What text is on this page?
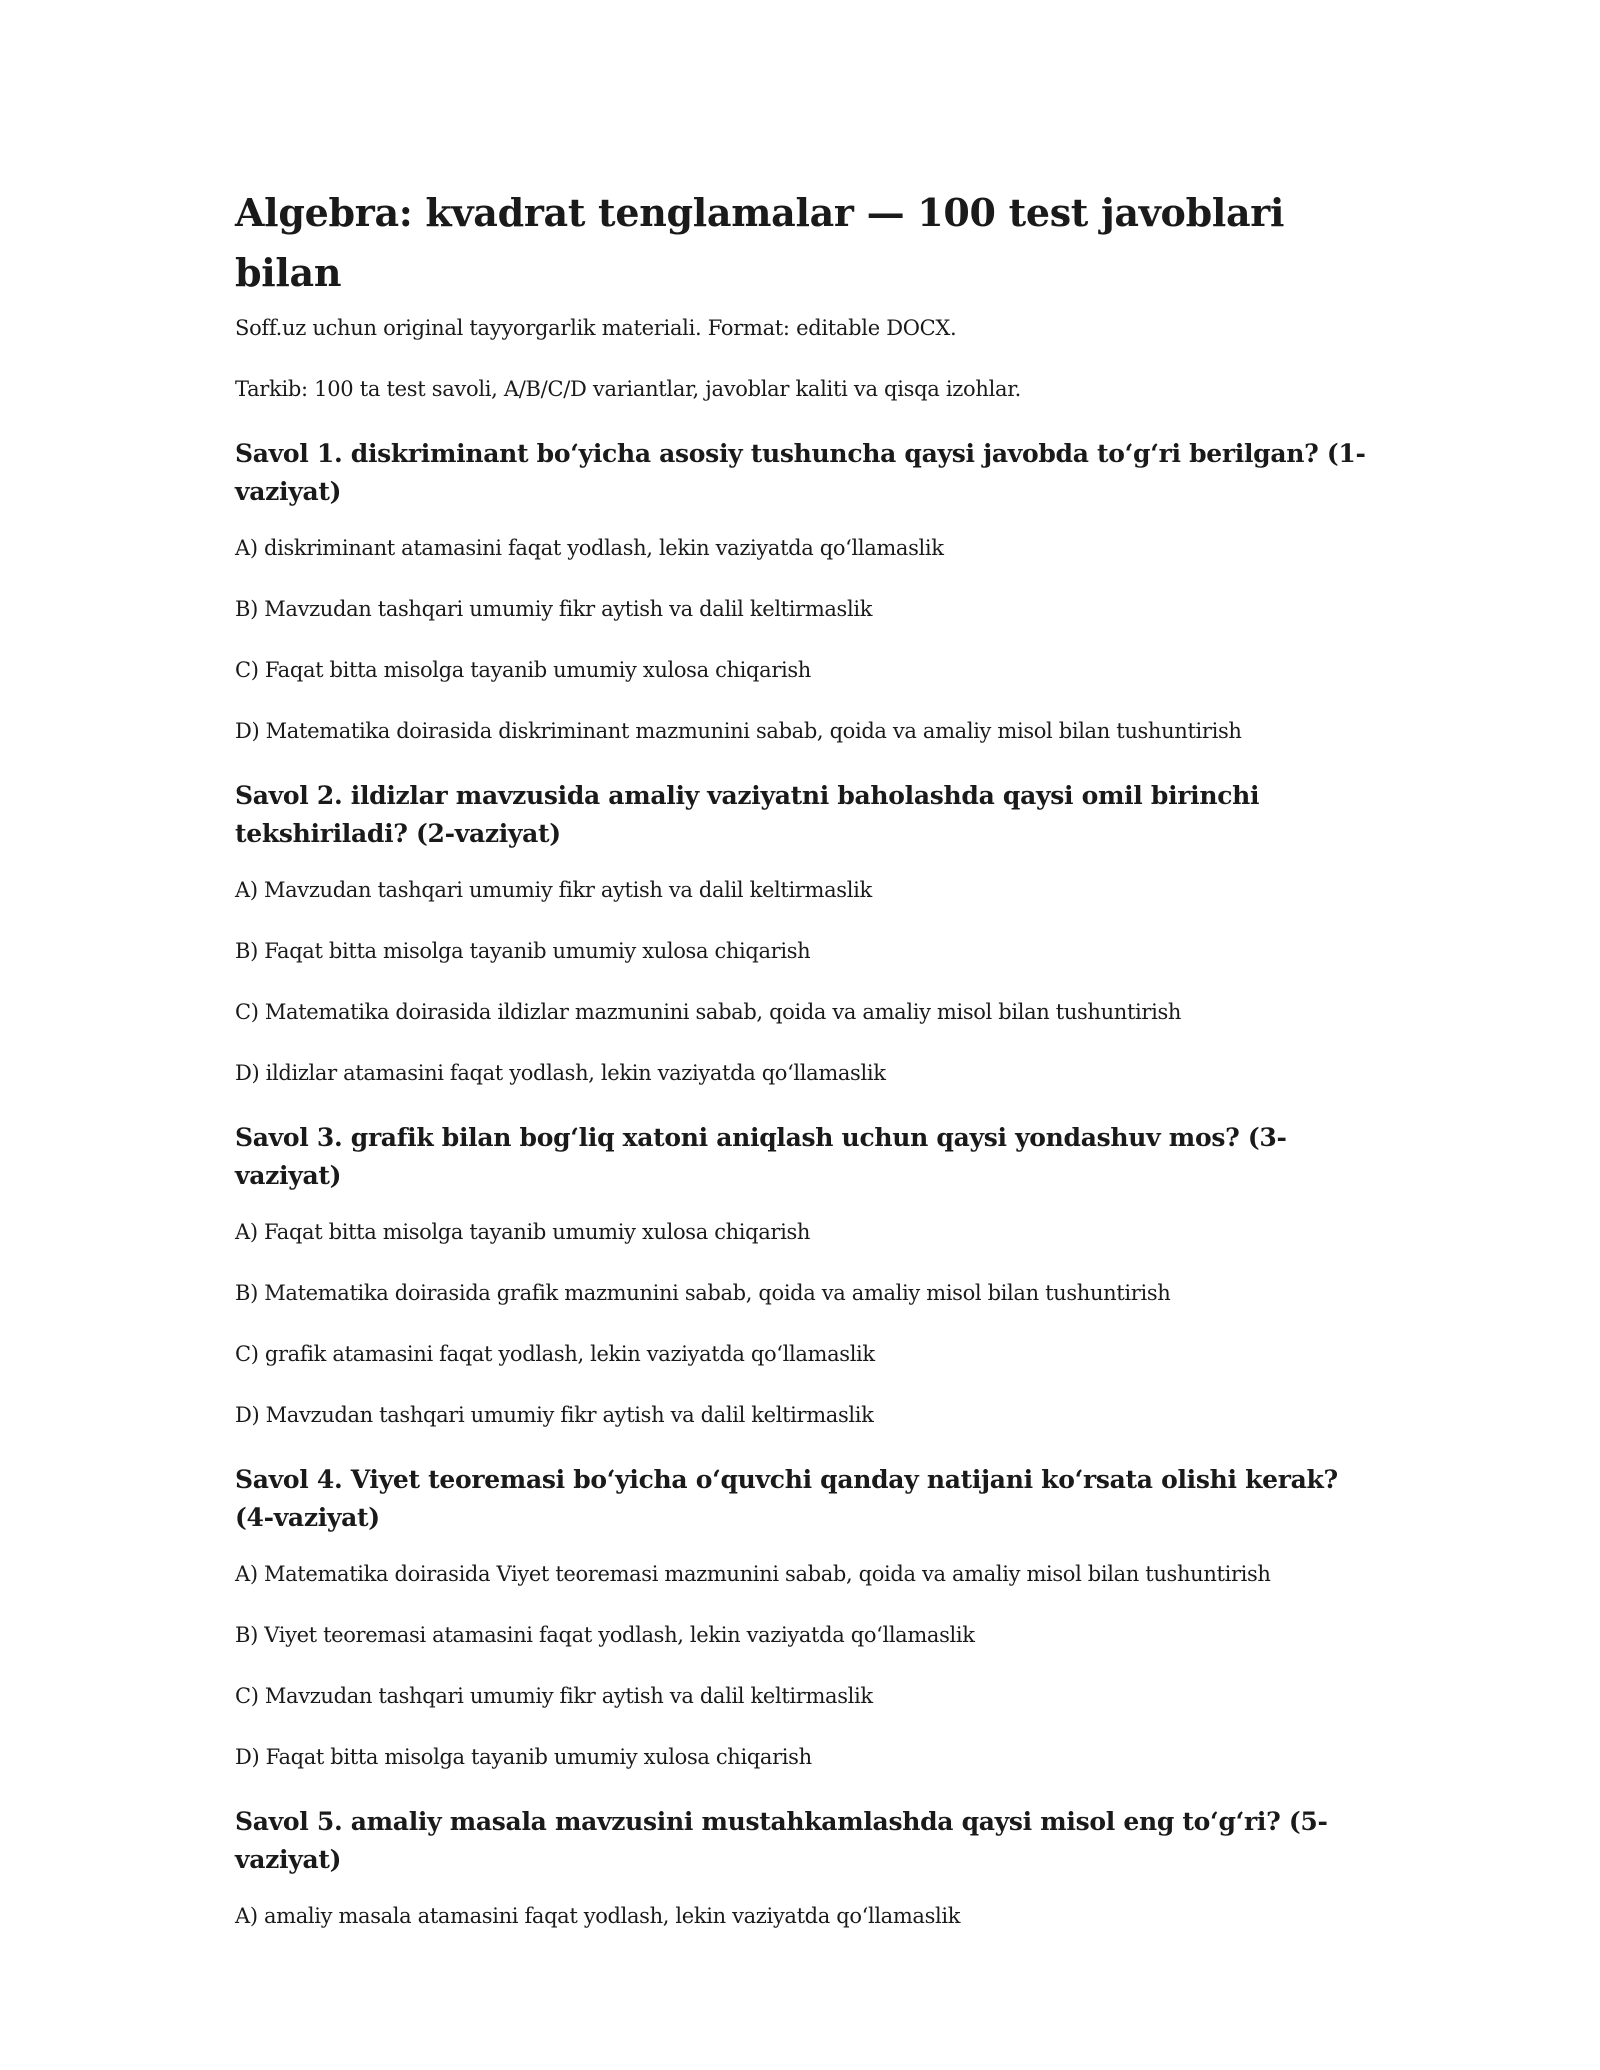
Algebra: kvadrat tenglamalar — 100 test javoblari bilan

Soff.uz uchun original tayyorgarlik materiali. Format: editable DOCX.

Tarkib: 100 ta test savoli, A/B/C/D variantlar, javoblar kaliti va qisqa izohlar.

Savol 1. diskriminant bo‘yicha asosiy tushuncha qaysi javobda to‘g‘ri berilgan? (1-vaziyat)

A) diskriminant atamasini faqat yodlash, lekin vaziyatda qo‘llamaslik

B) Mavzudan tashqari umumiy fikr aytish va dalil keltirmaslik

C) Faqat bitta misolga tayanib umumiy xulosa chiqarish

D) Matematika doirasida diskriminant mazmunini sabab, qoida va amaliy misol bilan tushuntirish

Savol 2. ildizlar mavzusida amaliy vaziyatni baholashda qaysi omil birinchi tekshiriladi? (2-vaziyat)

A) Mavzudan tashqari umumiy fikr aytish va dalil keltirmaslik

B) Faqat bitta misolga tayanib umumiy xulosa chiqarish

C) Matematika doirasida ildizlar mazmunini sabab, qoida va amaliy misol bilan tushuntirish

D) ildizlar atamasini faqat yodlash, lekin vaziyatda qo‘llamaslik

Savol 3. grafik bilan bog‘liq xatoni aniqlash uchun qaysi yondashuv mos? (3-vaziyat)

A) Faqat bitta misolga tayanib umumiy xulosa chiqarish

B) Matematika doirasida grafik mazmunini sabab, qoida va amaliy misol bilan tushuntirish

C) grafik atamasini faqat yodlash, lekin vaziyatda qo‘llamaslik

D) Mavzudan tashqari umumiy fikr aytish va dalil keltirmaslik

Savol 4. Viyet teoremasi bo‘yicha o‘quvchi qanday natijani ko‘rsata olishi kerak? (4-vaziyat)

A) Matematika doirasida Viyet teoremasi mazmunini sabab, qoida va amaliy misol bilan tushuntirish

B) Viyet teoremasi atamasini faqat yodlash, lekin vaziyatda qo‘llamaslik

C) Mavzudan tashqari umumiy fikr aytish va dalil keltirmaslik

D) Faqat bitta misolga tayanib umumiy xulosa chiqarish

Savol 5. amaliy masala mavzusini mustahkamlashda qaysi misol eng to‘g‘ri? (5-vaziyat)

A) amaliy masala atamasini faqat yodlash, lekin vaziyatda qo‘llamaslik
